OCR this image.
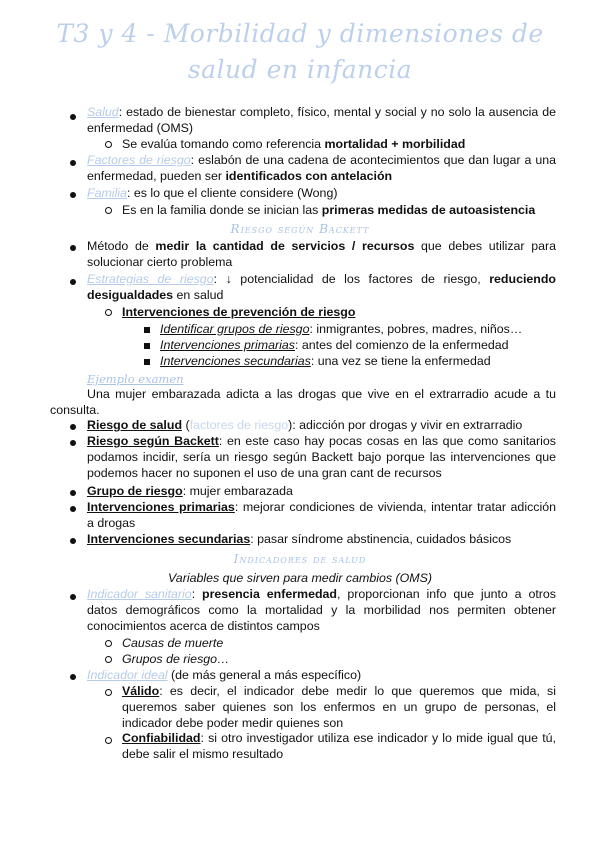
T3 y 4 - Morbilidad y dimensiones de salud en infancia
Salud: estado de bienestar completo, físico, mental y social y no solo la ausencia de enfermedad (OMS)
Se evalúa tomando como referencia mortalidad + morbilidad
Factores de riesgo: eslabón de una cadena de acontecimientos que dan lugar a una enfermedad, pueden ser identificados con antelación
Familia: es lo que el cliente considere (Wong)
Es en la familia donde se inician las primeras medidas de autoasistencia
Riesgo según Backett
Método de medir la cantidad de servicios / recursos que debes utilizar para solucionar cierto problema
Estrategias de riesgo: ↓ potencialidad de los factores de riesgo, reduciendo desigualdades en salud
Intervenciones de prevención de riesgo
Identificar grupos de riesgo: inmigrantes, pobres, madres, niños…
Intervenciones primarias: antes del comienzo de la enfermedad
Intervenciones secundarias: una vez se tiene la enfermedad
Ejemplo examen
Una mujer embarazada adicta a las drogas que vive en el extrarradio acude a tu consulta.
Riesgo de salud (factores de riesgo): adicción por drogas y vivir en extrarradio
Riesgo según Backett: en este caso hay pocas cosas en las que como sanitarios podamos incidir, sería un riesgo según Backett bajo porque las intervenciones que podemos hacer no suponen el uso de una gran cant de recursos
Grupo de riesgo: mujer embarazada
Intervenciones primarias: mejorar condiciones de vivienda, intentar tratar adicción a drogas
Intervenciones secundarias: pasar síndrome abstinencia, cuidados básicos
Indicadores de salud
Variables que sirven para medir cambios (OMS)
Indicador sanitario: presencia enfermedad, proporcionan info que junto a otros datos demográficos como la mortalidad y la morbilidad nos permiten obtener conocimientos acerca de distintos campos
Causas de muerte
Grupos de riesgo…
Indicador ideal (de más general a más específico)
Válido: es decir, el indicador debe medir lo que queremos que mida, si queremos saber quienes son los enfermos en un grupo de personas, el indicador debe poder medir quienes son
Confiabilidad: si otro investigador utiliza ese indicador y lo mide igual que tú, debe salir el mismo resultado
